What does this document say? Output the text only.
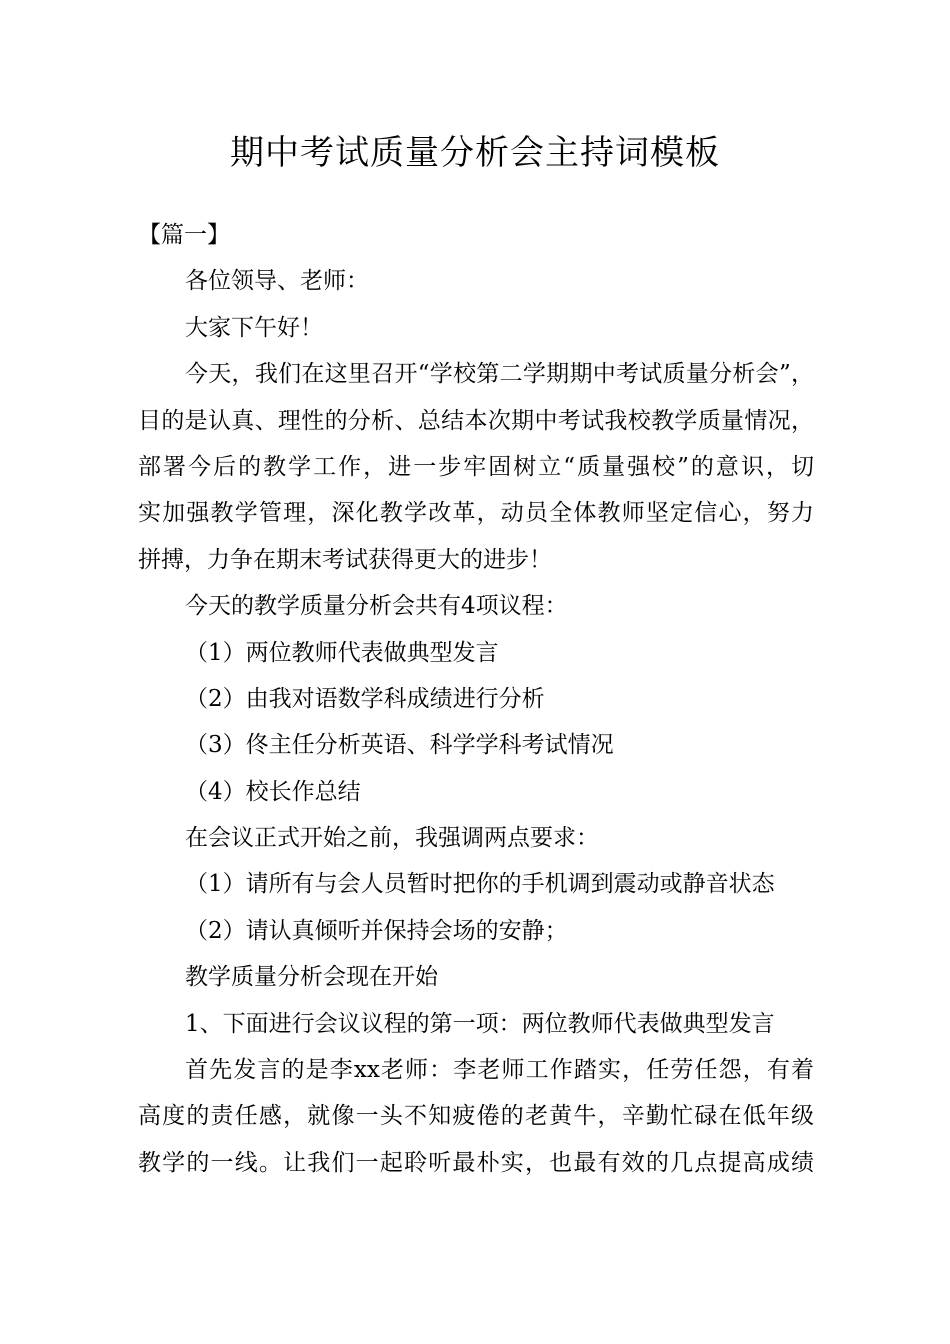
期中考试质量分析会主持词模板
【篇一】
各位领导、老师：
大家下午好！
今天，我们在这里召开“学校第二学期期中考试质量分析会”，
目的是认真、理性的分析、总结本次期中考试我校教学质量情况，
部署今后的教学工作，进一步牢固树立“质量强校”的意识，切
实加强教学管理，深化教学改革，动员全体教师坚定信心，努力
拼搏，力争在期末考试获得更大的进步！
今天的教学质量分析会共有4项议程：
（1）两位教师代表做典型发言
（2）由我对语数学科成绩进行分析
（3）佟主任分析英语、科学学科考试情况
（4）校长作总结
在会议正式开始之前，我强调两点要求：
（1）请所有与会人员暂时把你的手机调到震动或静音状态
（2）请认真倾听并保持会场的安静；
教学质量分析会现在开始
1、下面进行会议议程的第一项：两位教师代表做典型发言
首先发言的是李xx老师：李老师工作踏实，任劳任怨，有着
高度的责任感，就像一头不知疲倦的老黄牛，辛勤忙碌在低年级
教学的一线。让我们一起聆听最朴实，也最有效的几点提高成绩
